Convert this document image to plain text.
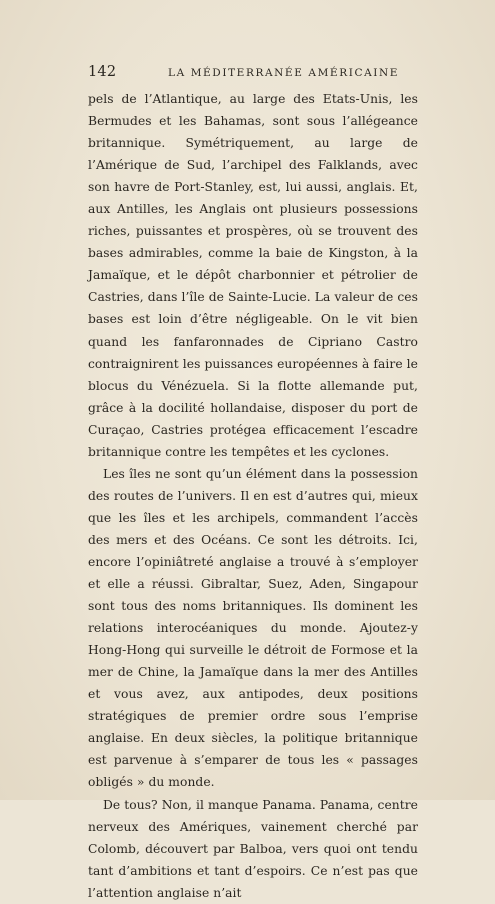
142	LA MÉDITERRANÉE AMÉRICAINE

pels de l’Atlantique, au large des Etats-Unis, les Bermudes et les Bahamas, sont sous l’allégeance britannique. Symétriquement, au large de l’Amérique de Sud, l’archipel des Falklands, avec son havre de Port-Stanley, est, lui aussi, anglais. Et, aux Antilles, les Anglais ont plusieurs possessions riches, puissantes et prospères, où se trouvent des bases admirables, comme la baie de Kingston, à la Jamaïque, et le dépôt charbonnier et pétrolier de Castries, dans l’île de Sainte-Lucie. La valeur de ces bases est loin d’être négligeable. On le vit bien quand les fanfaronnades de Cipriano Castro contraignirent les puissances européennes à faire le blocus du Vénézuela. Si la flotte allemande put, grâce à la docilité hollandaise, disposer du port de Curaçao, Castries protégea efficacement l’escadre britannique contre les tempêtes et les cyclones.

Les îles ne sont qu’un élément dans la possession des routes de l’univers. Il en est d’autres qui, mieux que les îles et les archipels, commandent l’accès des mers et des Océans. Ce sont les détroits. Ici, encore l’opiniâtreté anglaise a trouvé à s’employer et elle a réussi. Gibraltar, Suez, Aden, Singapour sont tous des noms britanniques. Ils dominent les relations interocéaniques du monde. Ajoutez-y Hong-Hong qui surveille le détroit de Formose et la mer de Chine, la Jamaïque dans la mer des Antilles et vous avez, aux antipodes, deux positions stratégiques de premier ordre sous l’emprise anglaise. En deux siècles, la politique britannique est parvenue à s’emparer de tous les « passages obligés » du monde.

De tous? Non, il manque Panama. Panama, centre nerveux des Amériques, vainement cherché par Colomb, découvert par Balboa, vers quoi ont tendu tant d’ambitions et tant d’espoirs. Ce n’est pas que l’attention anglaise n’ait
